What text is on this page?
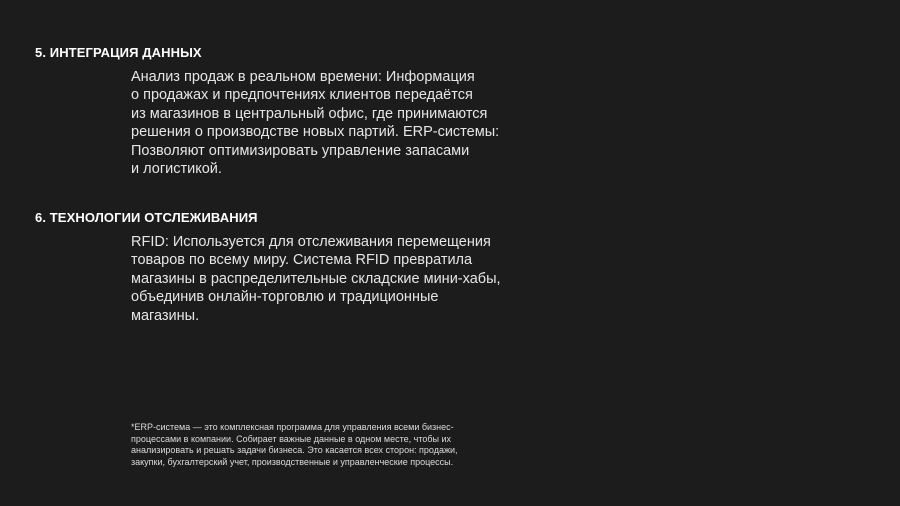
5. ИНТЕГРАЦИЯ ДАННЫХ
Анализ продаж в реальном времени: Информация
о продажах и предпочтениях клиентов передаётся
из магазинов в центральный офис, где принимаются
решения о производстве новых партий. ERP-системы:
Позволяют оптимизировать управление запасами
и логистикой.
6. ТЕХНОЛОГИИ ОТСЛЕЖИВАНИЯ
RFID: Используется для отслеживания перемещения
товаров по всему миру. Система RFID превратила
магазины в распределительные складские мини-хабы,
объединив онлайн-торговлю и традиционные
магазины.
*ERP-система — это комплексная программа для управления всеми бизнес-
процессами в компании. Собирает важные данные в одном месте, чтобы их
анализировать и решать задачи бизнеса. Это касается всех сторон: продажи,
закупки, бухгалтерский учет, производственные и управленческие процессы.
